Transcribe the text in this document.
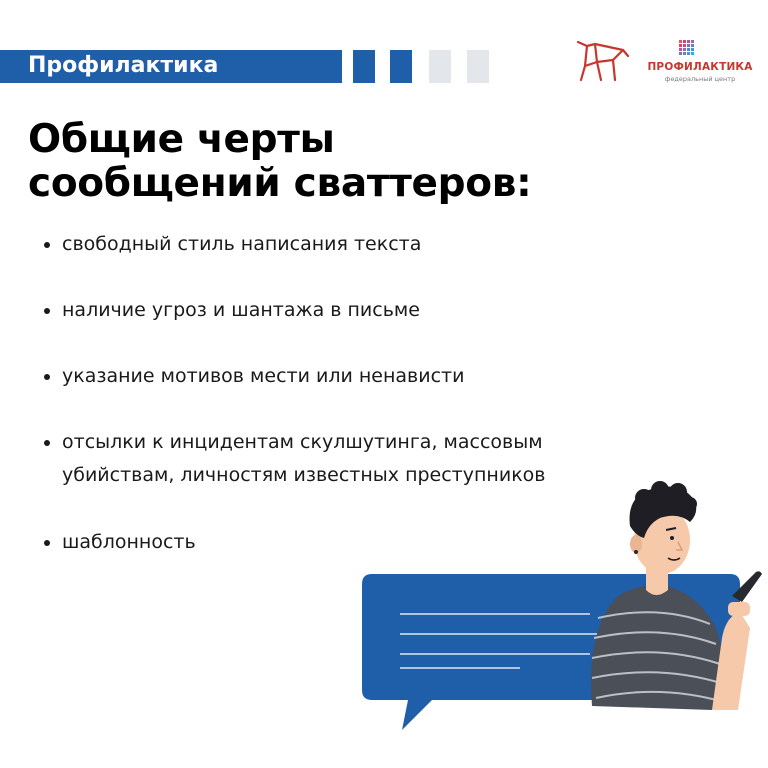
Профилактика	ПРОФИЛАКТИКА
федеральный центр
Общие черты
сообщений сваттеров:
свободный стиль написания текста
наличие угроз и шантажа в письме
указание мотивов мести или ненависти
отсылки к инцидентам скулшутинга, массовым
убийствам, личностям известных преступников
шаблонность
